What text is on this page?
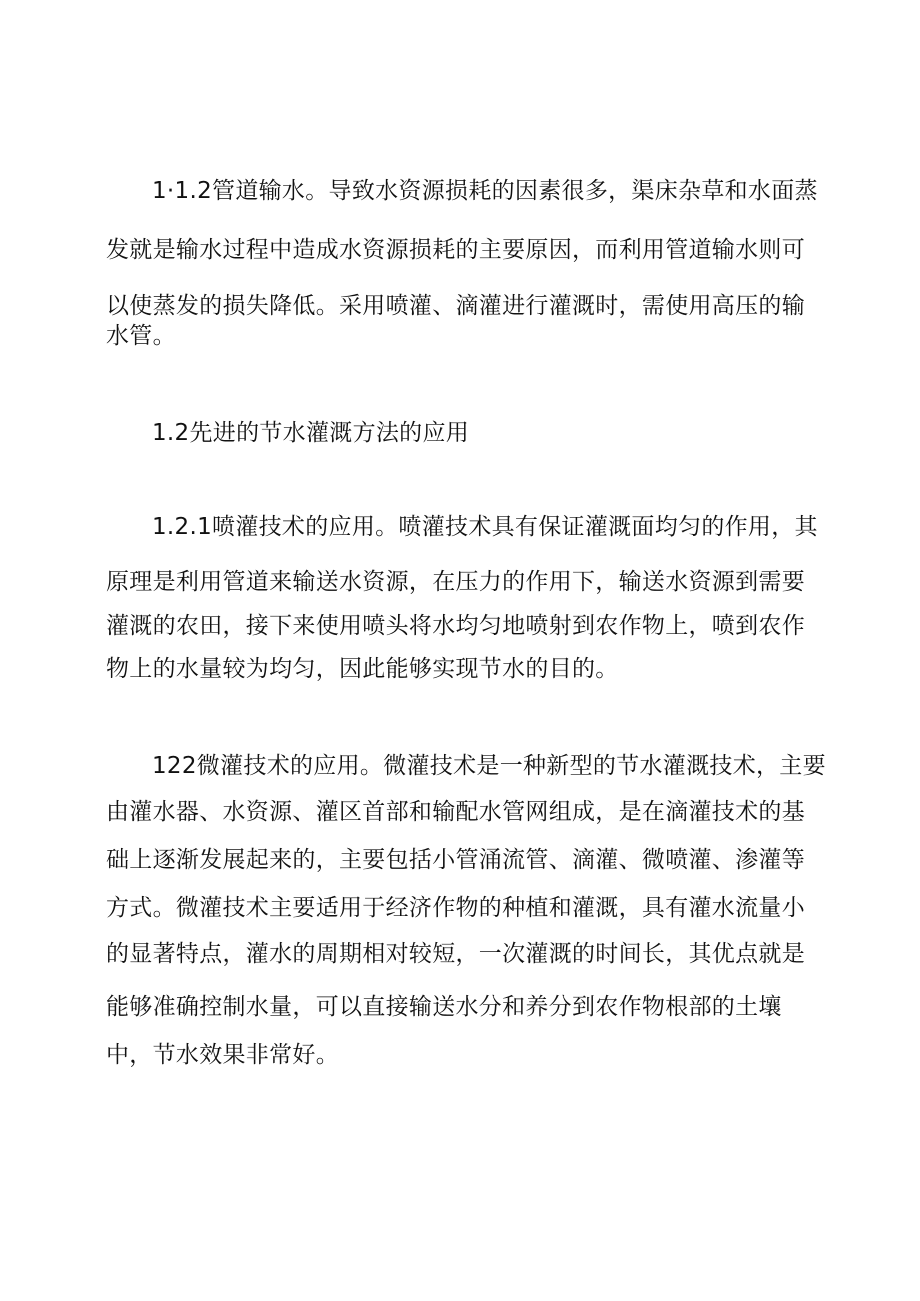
1·1.2管道输水。导致水资源损耗的因素很多，渠床杂草和水面蒸
发就是输水过程中造成水资源损耗的主要原因，而利用管道输水则可
以使蒸发的损失降低。采用喷灌、滴灌进行灌溉时，需使用高压的输
水管。
1.2先进的节水灌溉方法的应用
1.2.1喷灌技术的应用。喷灌技术具有保证灌溉面均匀的作用，其
原理是利用管道来输送水资源，在压力的作用下，输送水资源到需要
灌溉的农田，接下来使用喷头将水均匀地喷射到农作物上，喷到农作
物上的水量较为均匀，因此能够实现节水的目的。
122微灌技术的应用。微灌技术是一种新型的节水灌溉技术，主要
由灌水器、水资源、灌区首部和输配水管网组成，是在滴灌技术的基
础上逐渐发展起来的，主要包括小管涌流管、滴灌、微喷灌、渗灌等
方式。微灌技术主要适用于经济作物的种植和灌溉，具有灌水流量小
的显著特点，灌水的周期相对较短，一次灌溉的时间长，其优点就是
能够准确控制水量，可以直接输送水分和养分到农作物根部的土壤
中，节水效果非常好。
